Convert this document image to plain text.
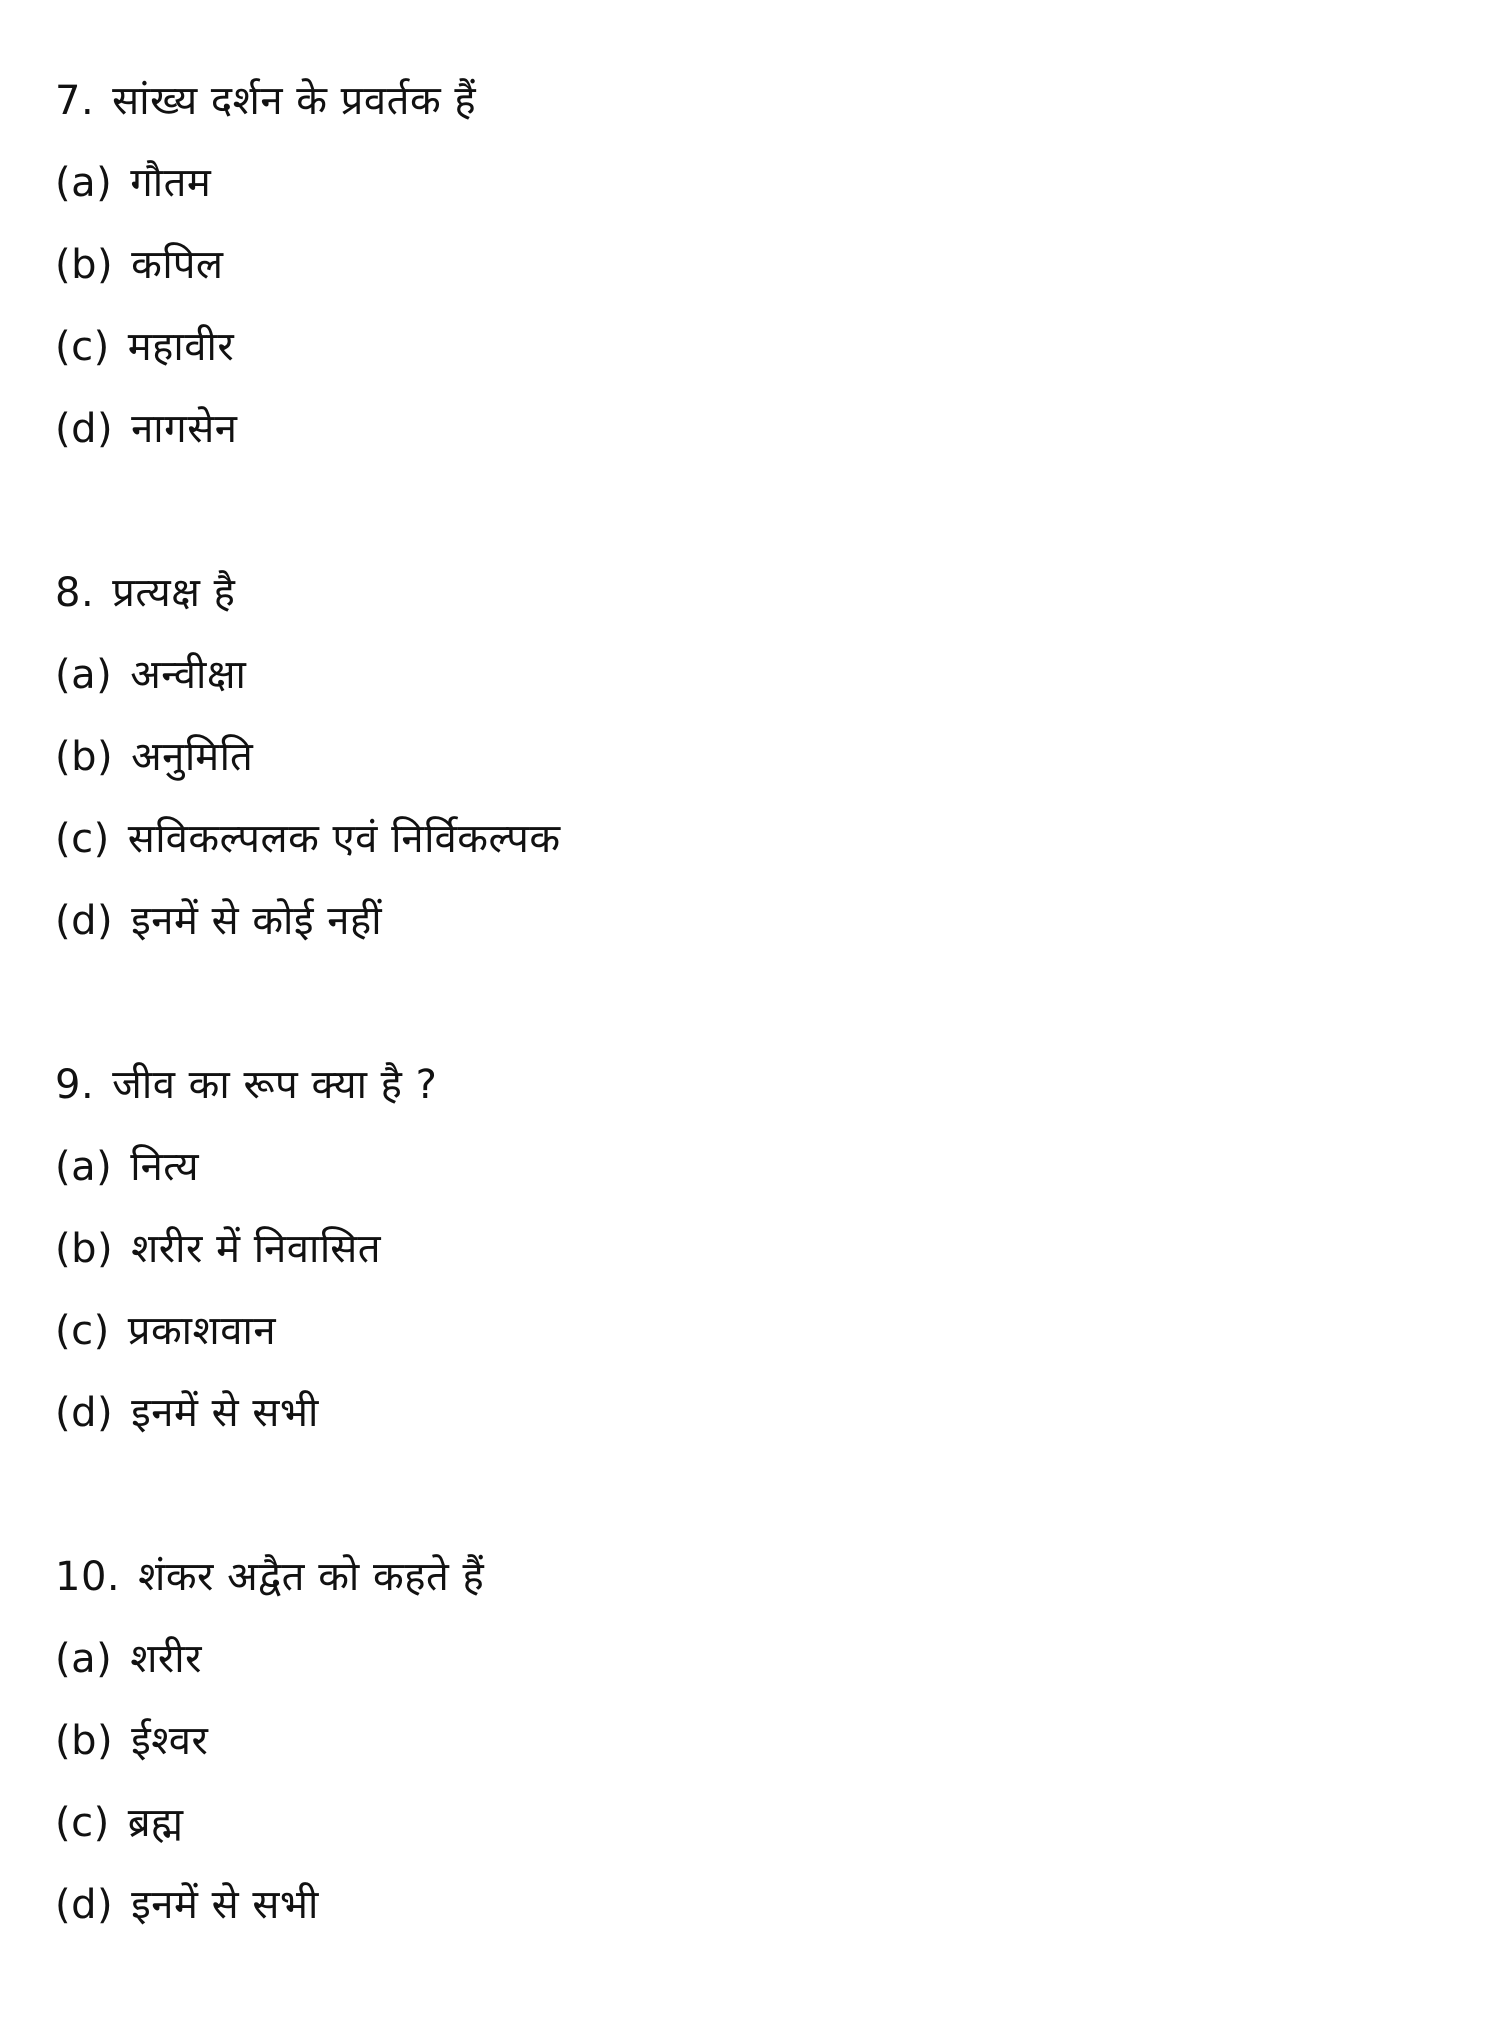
7. सांख्य दर्शन के प्रवर्तक हैं
(a) गौतम
(b) कपिल
(c) महावीर
(d) नागसेन
8. प्रत्यक्ष है
(a) अन्वीक्षा
(b) अनुमिति
(c) सविकल्पलक एवं निर्विकल्पक
(d) इनमें से कोई नहीं
9. जीव का रूप क्या है ?
(a) नित्य
(b) शरीर में निवासित
(c) प्रकाशवान
(d) इनमें से सभी
10. शंकर अद्वैत को कहते हैं
(a) शरीर
(b) ईश्वर
(c) ब्रह्म
(d) इनमें से सभी
